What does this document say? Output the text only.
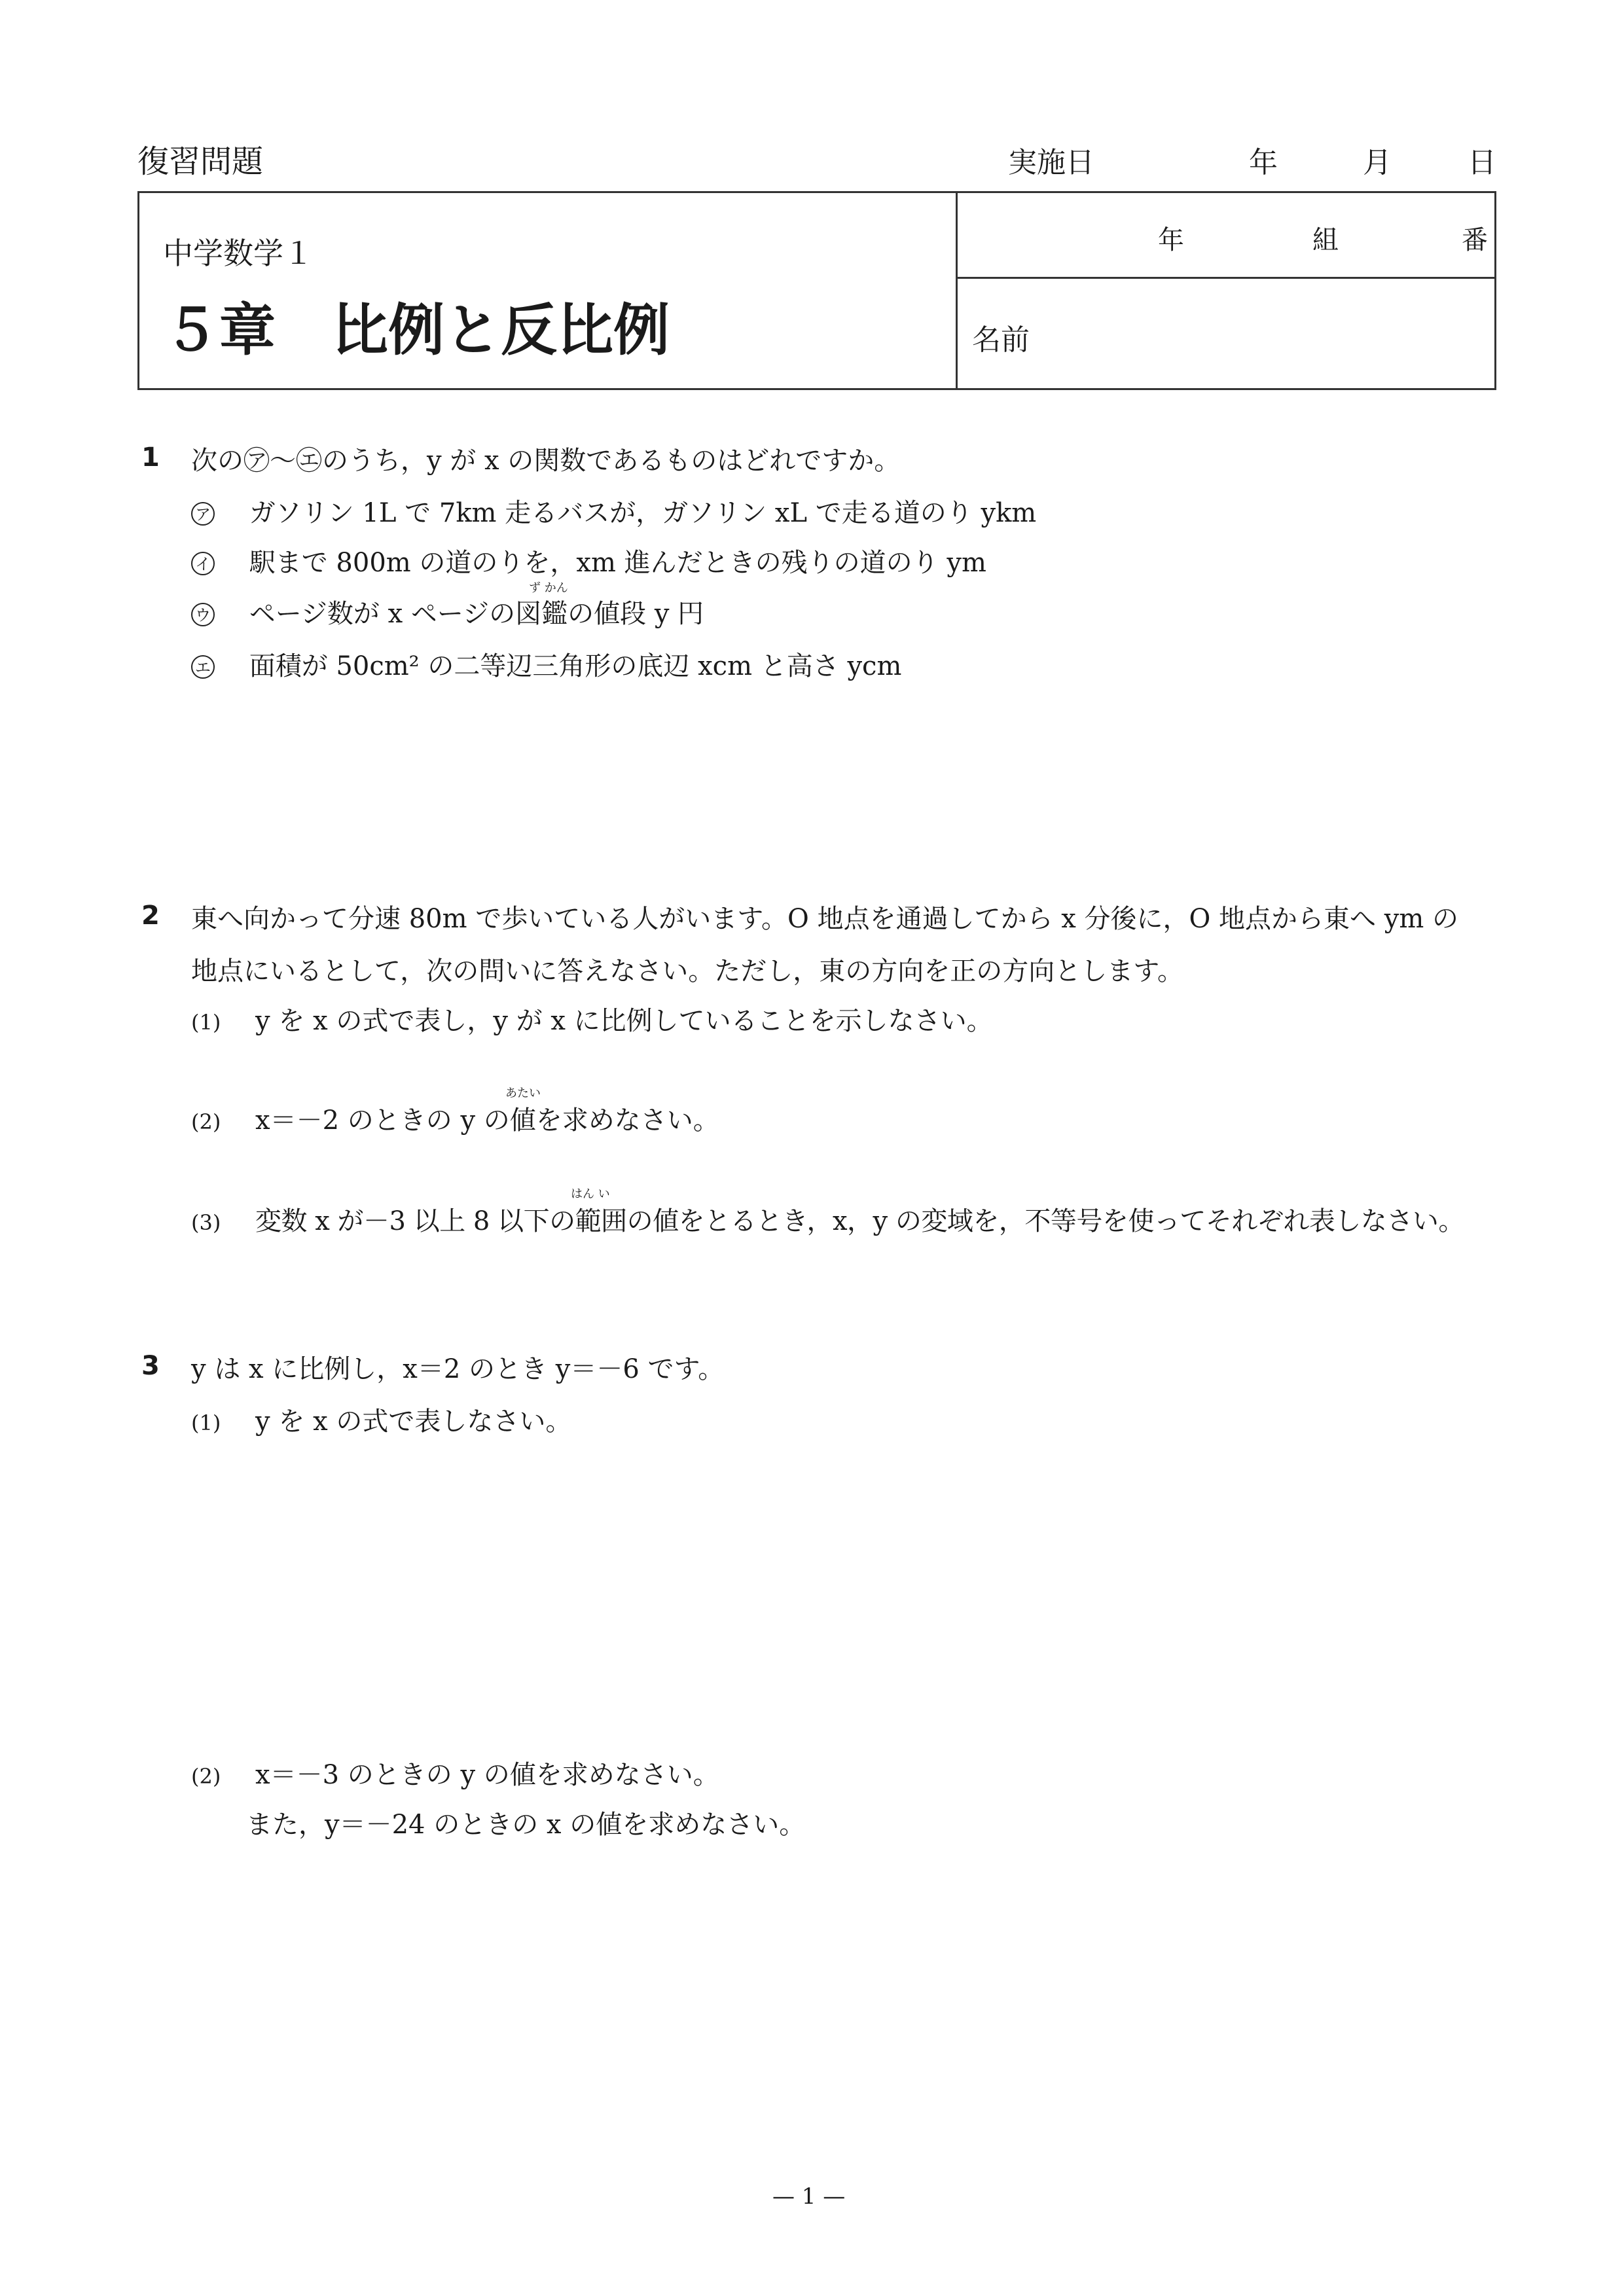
復習問題	実施日	年	月	日
中学数学１
５章　比例と反比例
年	組	番
名前
1 次の㋐～㋓のうち，y が x の関数であるものはどれですか。
ア ガソリン 1L で 7km 走るバスが，ガソリン xL で走る道のり ykm
イ 駅まで 800m の道のりを，xm 進んだときの残りの道のり ym
ず かん
ウ ページ数が x ページの図鑑の値段 y 円
エ 面積が 50cm² の二等辺三角形の底辺 xcm と高さ ycm
2 東へ向かって分速 80m で歩いている人がいます。O 地点を通過してから x 分後に，O 地点から東へ ym の
地点にいるとして，次の問いに答えなさい。ただし，東の方向を正の方向とします。
(1) y を x の式で表し，y が x に比例していることを示しなさい。
あたい
(2) x＝－2 のときの y の値を求めなさい。
はん い
(3) 変数 x が－3 以上 8 以下の範囲の値をとるとき，x，y の変域を，不等号を使ってそれぞれ表しなさい。
3 y は x に比例し，x＝2 のとき y＝－6 です。
(1) y を x の式で表しなさい。
(2) x＝－3 のときの y の値を求めなさい。
また，y＝－24 のときの x の値を求めなさい。
— 1 —
